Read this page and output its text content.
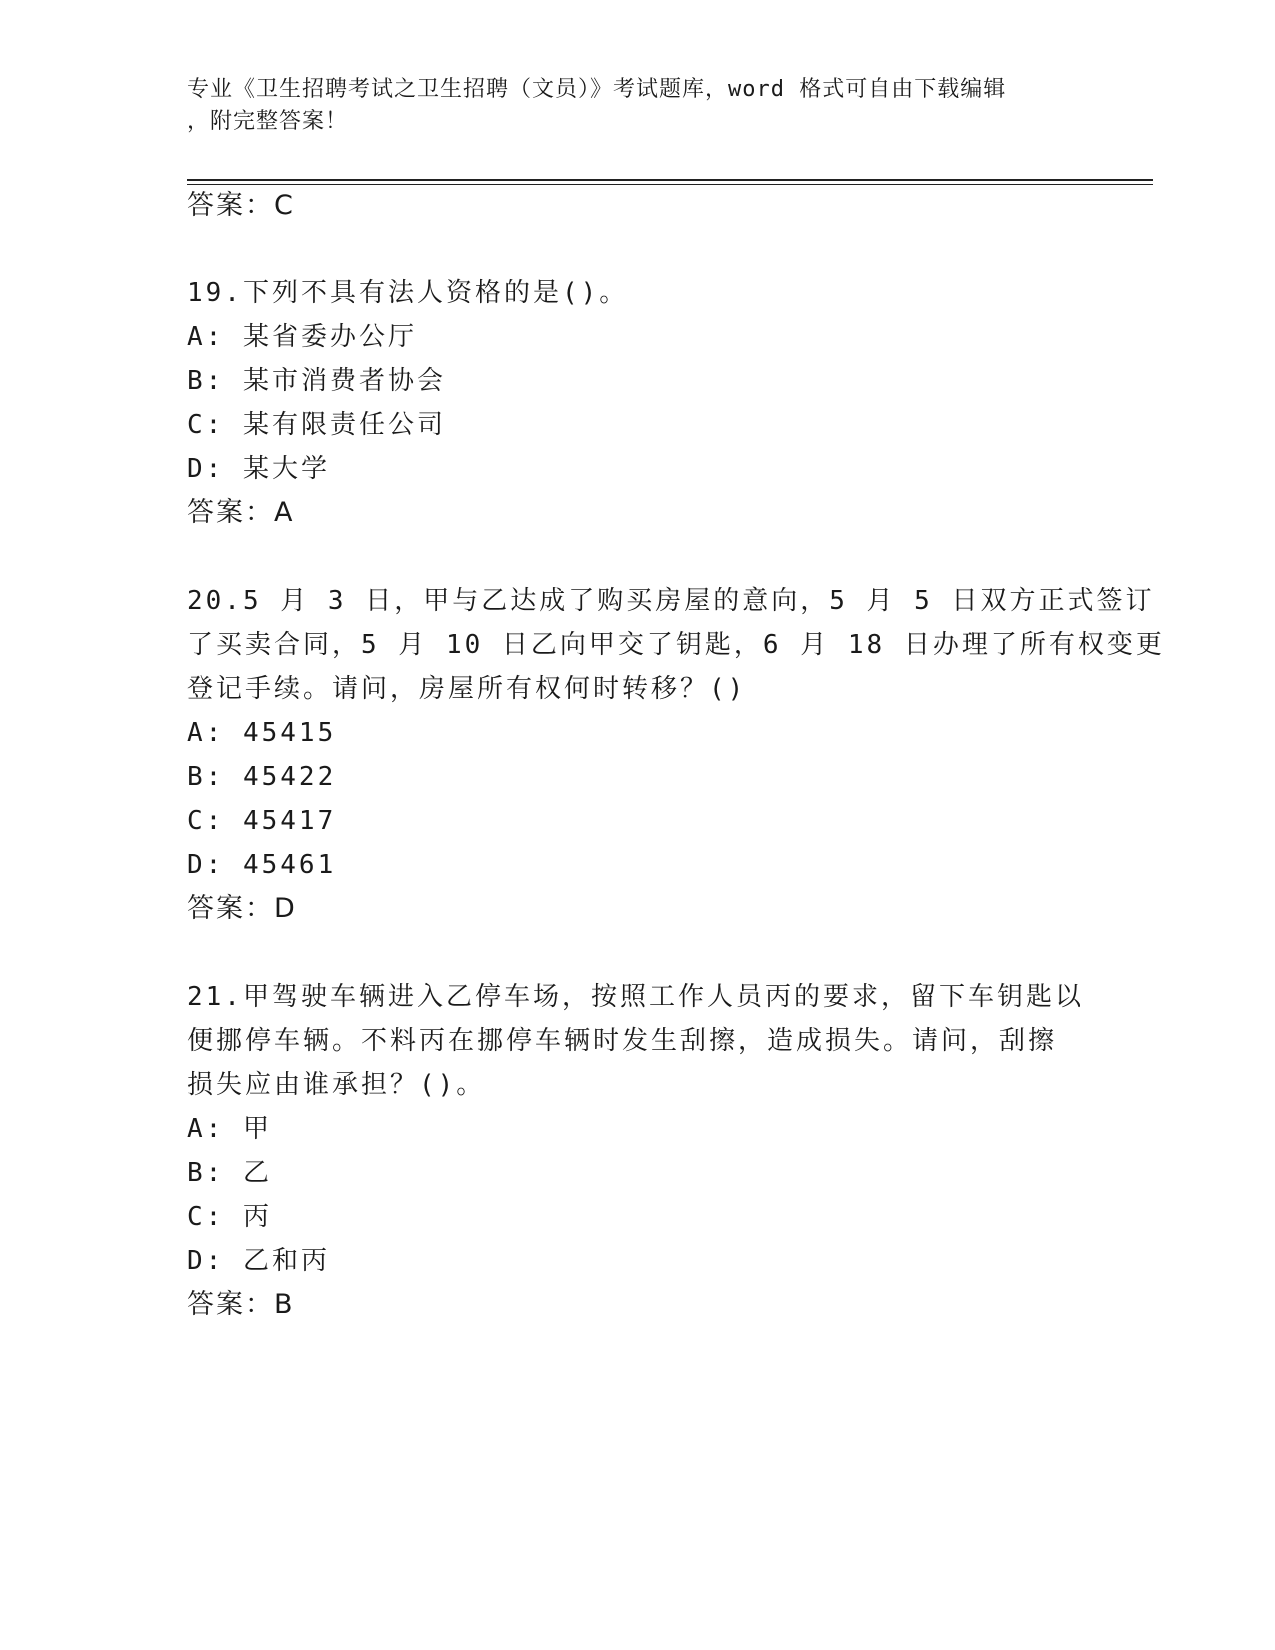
专业《卫生招聘考试之卫生招聘（文员）》考试题库，word 格式可自由下载编辑
，附完整答案！
答案：C
19.下列不具有法人资格的是()。
A: 某省委办公厅
B: 某市消费者协会
C: 某有限责任公司
D: 某大学
答案：A
20.5 月 3 日，甲与乙达成了购买房屋的意向，5 月 5 日双方正式签订
了买卖合同，5 月 10 日乙向甲交了钥匙，6 月 18 日办理了所有权变更
登记手续。请问，房屋所有权何时转移？()
A: 45415
B: 45422
C: 45417
D: 45461
答案：D
21.甲驾驶车辆进入乙停车场，按照工作人员丙的要求，留下车钥匙以
便挪停车辆。不料丙在挪停车辆时发生刮擦，造成损失。请问，刮擦
损失应由谁承担？()。
A: 甲
B: 乙
C: 丙
D: 乙和丙
答案：B
